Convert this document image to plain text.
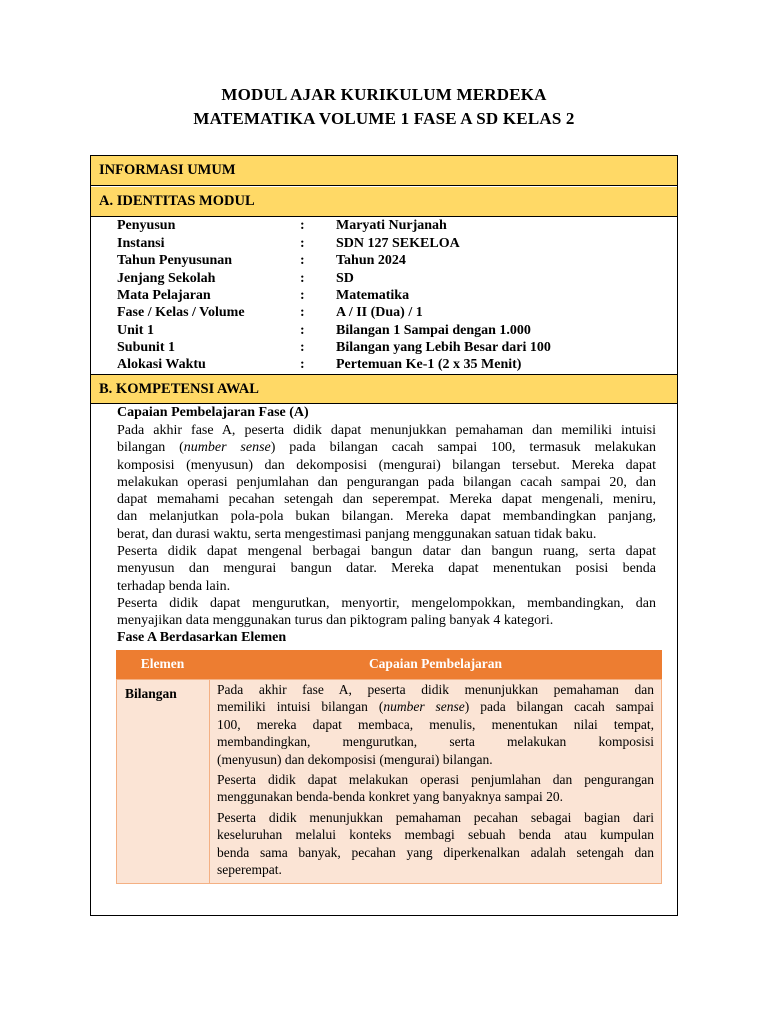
MODUL AJAR KURIKULUM MERDEKA
MATEMATIKA VOLUME 1 FASE A SD KELAS 2
INFORMASI UMUM
A. IDENTITAS MODUL
Penyusun	: Maryati Nurjanah
Instansi	: SDN 127 SEKELOA
Tahun Penyusunan	: Tahun 2024
Jenjang Sekolah	: SD
Mata Pelajaran	: Matematika
Fase / Kelas / Volume	: A / II (Dua) / 1
Unit 1	: Bilangan 1 Sampai dengan 1.000
Subunit 1	: Bilangan yang Lebih Besar dari 100
Alokasi Waktu	: Pertemuan Ke-1 (2 x 35 Menit)
B. KOMPETENSI AWAL
Capaian Pembelajaran Fase (A)
Pada akhir fase A, peserta didik dapat menunjukkan pemahaman dan memiliki intuisi
bilangan (number sense) pada bilangan cacah sampai 100, termasuk melakukan
komposisi (menyusun) dan dekomposisi (mengurai) bilangan tersebut. Mereka dapat
melakukan operasi penjumlahan dan pengurangan pada bilangan cacah sampai 20, dan
dapat memahami pecahan setengah dan seperempat. Mereka dapat mengenali, meniru,
dan melanjutkan pola-pola bukan bilangan. Mereka dapat membandingkan panjang,
berat, dan durasi waktu, serta mengestimasi panjang menggunakan satuan tidak baku.
Peserta didik dapat mengenal berbagai bangun datar dan bangun ruang, serta dapat
menyusun dan mengurai bangun datar. Mereka dapat menentukan posisi benda
terhadap benda lain.
Peserta didik dapat mengurutkan, menyortir, mengelompokkan, membandingkan, dan
menyajikan data menggunakan turus dan piktogram paling banyak 4 kategori.
Fase A Berdasarkan Elemen
Elemen	Capaian Pembelajaran
Bilangan	Pada akhir fase A, peserta didik menunjukkan pemahaman dan
memiliki intuisi bilangan (number sense) pada bilangan cacah sampai
100, mereka dapat membaca, menulis, menentukan nilai tempat,
membandingkan, mengurutkan, serta melakukan komposisi
(menyusun) dan dekomposisi (mengurai) bilangan.
Peserta didik dapat melakukan operasi penjumlahan dan pengurangan
menggunakan benda-benda konkret yang banyaknya sampai 20.
Peserta didik menunjukkan pemahaman pecahan sebagai bagian dari
keseluruhan melalui konteks membagi sebuah benda atau kumpulan
benda sama banyak, pecahan yang diperkenalkan adalah setengah dan
seperempat.
